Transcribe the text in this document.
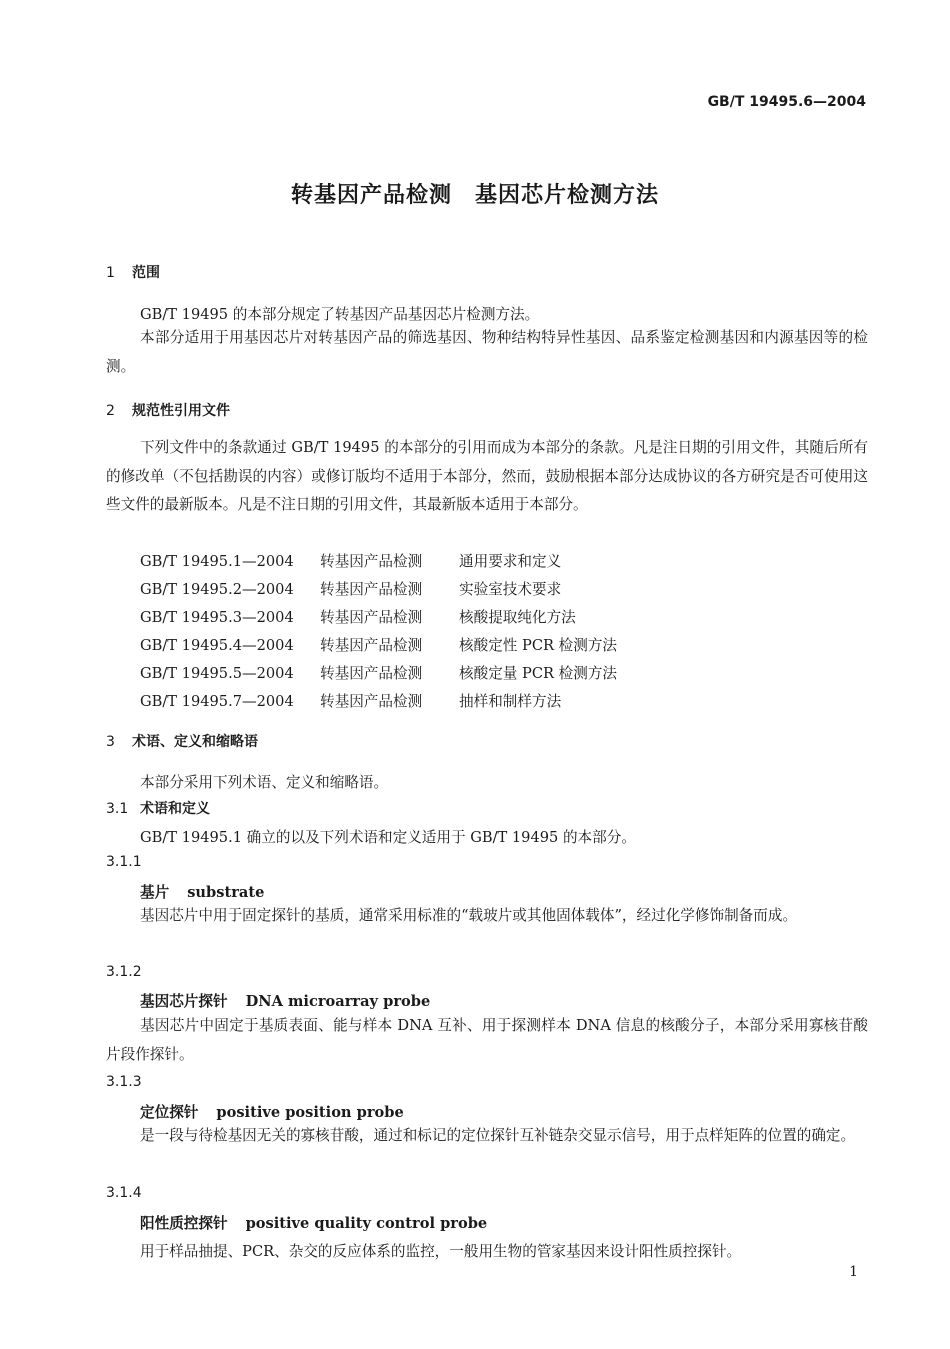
GB/T 19495.6—2004
转基因产品检测　基因芯片检测方法
1 范围
GB/T 19495 的本部分规定了转基因产品基因芯片检测方法。
本部分适用于用基因芯片对转基因产品的筛选基因、物种结构特异性基因、品系鉴定检测基因和内源基因等的检测。
2 规范性引用文件
下列文件中的条款通过 GB/T 19495 的本部分的引用而成为本部分的条款。凡是注日期的引用文件，其随后所有的修改单（不包括勘误的内容）或修订版均不适用于本部分，然而，鼓励根据本部分达成协议的各方研究是否可使用这些文件的最新版本。凡是不注日期的引用文件，其最新版本适用于本部分。
GB/T 19495.1—2004 转基因产品检测	通用要求和定义
GB/T 19495.2—2004 转基因产品检测	实验室技术要求
GB/T 19495.3—2004 转基因产品检测	核酸提取纯化方法
GB/T 19495.4—2004 转基因产品检测	核酸定性 PCR 检测方法
GB/T 19495.5—2004 转基因产品检测	核酸定量 PCR 检测方法
GB/T 19495.7—2004 转基因产品检测	抽样和制样方法
3 术语、定义和缩略语
本部分采用下列术语、定义和缩略语。
3.1 术语和定义
GB/T 19495.1 确立的以及下列术语和定义适用于 GB/T 19495 的本部分。
3.1.1
基片 substrate
基因芯片中用于固定探针的基质，通常采用标准的“载玻片或其他固体载体”，经过化学修饰制备而成。
3.1.2
基因芯片探针 DNA microarray probe
基因芯片中固定于基质表面、能与样本 DNA 互补、用于探测样本 DNA 信息的核酸分子，本部分采用寡核苷酸片段作探针。
3.1.3
定位探针 positive position probe
是一段与待检基因无关的寡核苷酸，通过和标记的定位探针互补链杂交显示信号，用于点样矩阵的位置的确定。
3.1.4
阳性质控探针 positive quality control probe
用于样品抽提、PCR、杂交的反应体系的监控，一般用生物的管家基因来设计阳性质控探针。
1
